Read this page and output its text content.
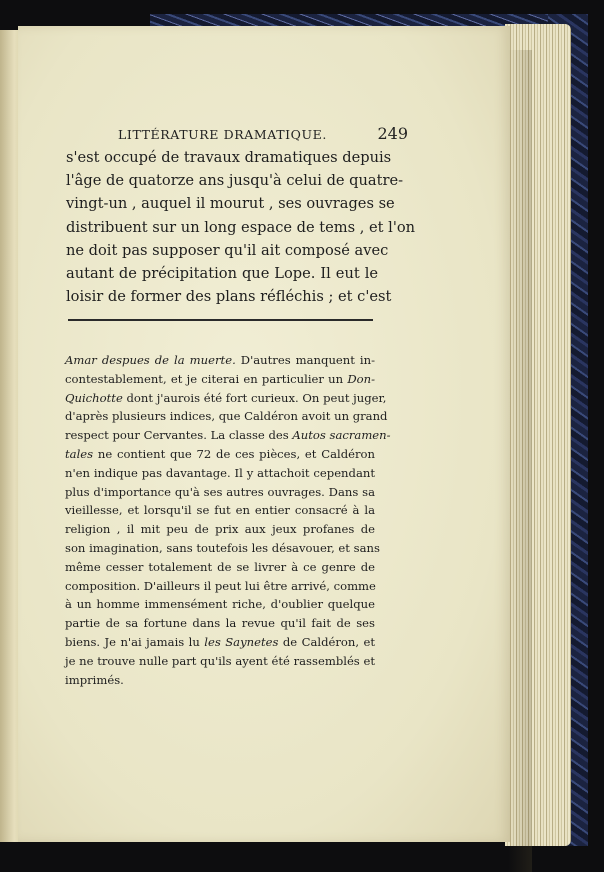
LITTÉRATURE DRAMATIQUE.	249
s'est occupé de travaux dramatiques depuis
l'âge de quatorze ans jusqu'à celui de quatre-
vingt-un , auquel il mourut , ses ouvrages se
distribuent sur un long espace de tems , et l'on
ne doit pas supposer qu'il ait composé avec
autant de précipitation que Lope. Il eut le
loisir de former des plans réfléchis ; et c'est
Amar despues de la muerte. D'autres manquent in-
contestablement, et je citerai en particulier un Don-
Quichotte dont j'aurois été fort curieux. On peut juger,
d'après plusieurs indices, que Caldéron avoit un grand
respect pour Cervantes. La classe des Autos sacramen-
tales ne contient que 72 de ces pièces, et Caldéron
n'en indique pas davantage. Il y attachoit cependant
plus d'importance qu'à ses autres ouvrages. Dans sa
vieillesse, et lorsqu'il se fut en entier consacré à la
religion , il mit peu de prix aux jeux profanes de
son imagination, sans toutefois les désavouer, et sans
même cesser totalement de se livrer à ce genre de
composition. D'ailleurs il peut lui être arrivé, comme
à un homme immensément riche, d'oublier quelque
partie de sa fortune dans la revue qu'il fait de ses
biens. Je n'ai jamais lu les Saynetes de Caldéron, et
je ne trouve nulle part qu'ils ayent été rassemblés et
imprimés.
